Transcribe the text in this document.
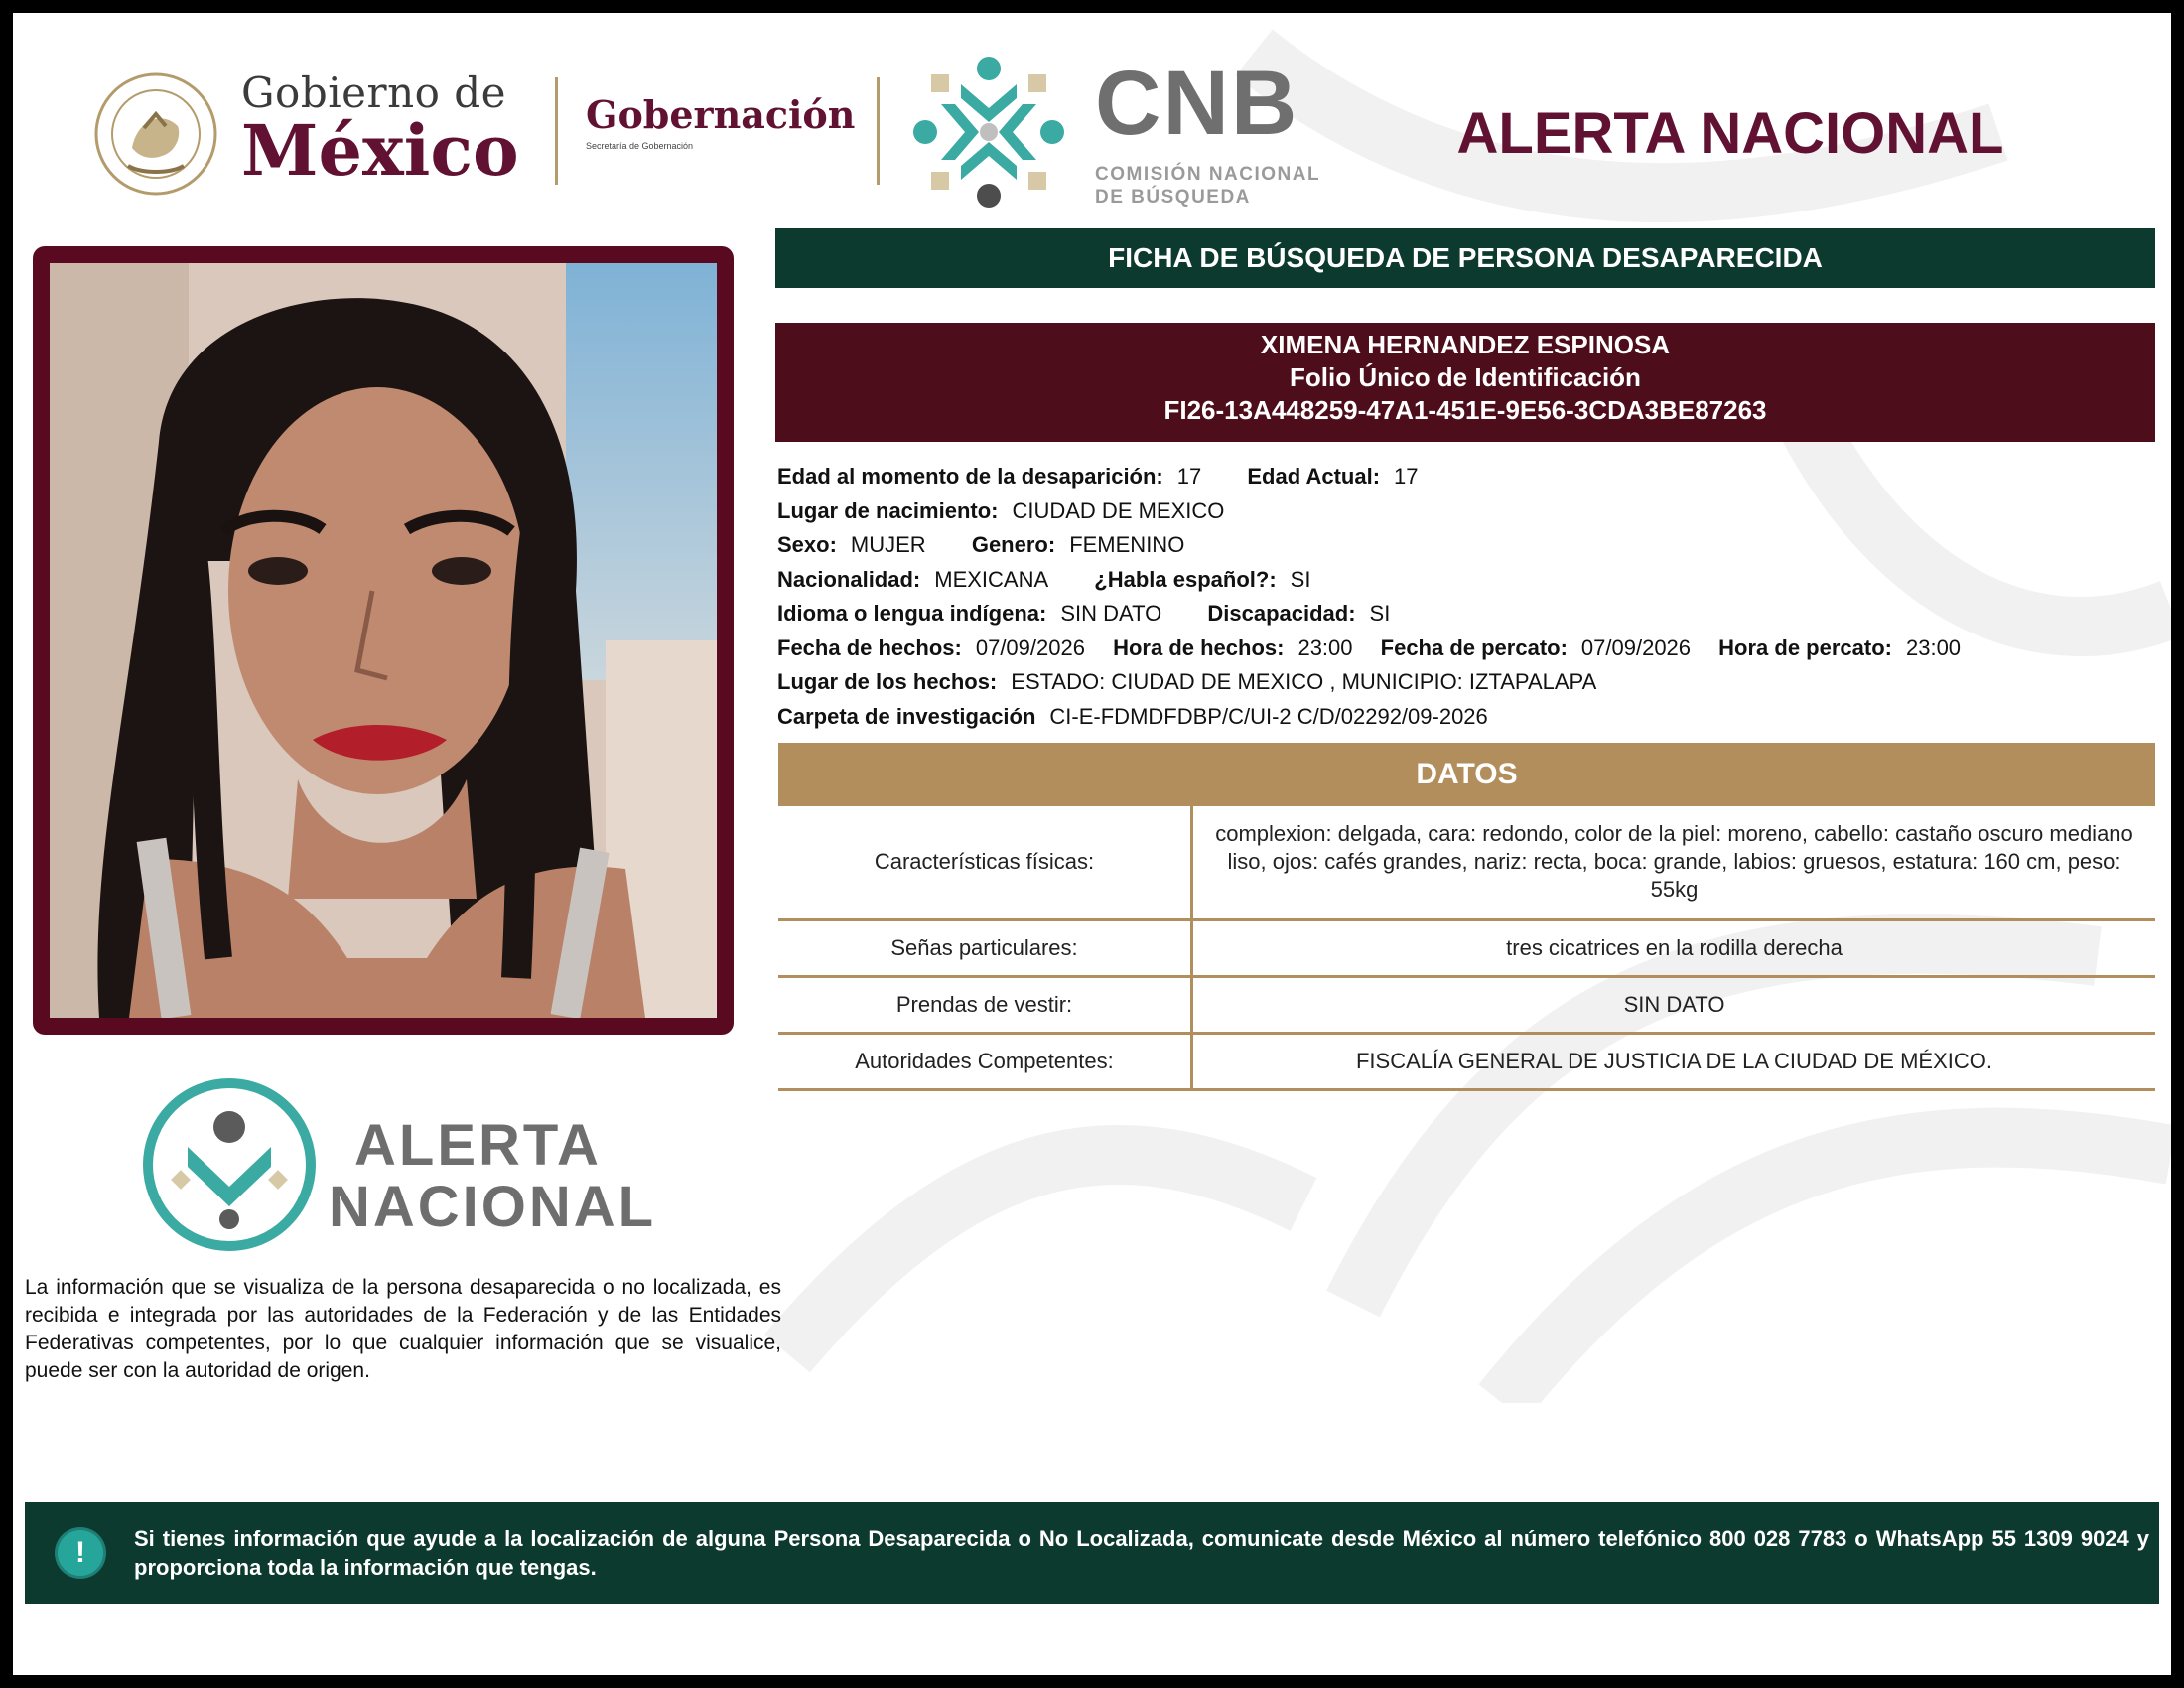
Gobierno de
México Gobernación
Secretaría de Gobernación	CNB
COMISIÓN NACIONAL
DE BÚSQUEDA
ALERTA NACIONAL
ALERTA
NACIONAL
La información que se visualiza de la persona desaparecida o no localizada, es recibida e integrada por las autoridades de la Federación y de las Entidades Federativas competentes, por lo que cualquier información que se visualice, puede ser con la autoridad de origen.
FICHA DE BÚSQUEDA DE PERSONA DESAPARECIDA
XIMENA HERNANDEZ ESPINOSA
Folio Único de Identificación
FI26-13A448259-47A1-451E-9E56-3CDA3BE87263
Edad al momento de la desaparición: 17 Edad Actual: 17
Lugar de nacimiento: CIUDAD DE MEXICO
Sexo: MUJER Genero: FEMENINO
Nacionalidad: MEXICANA ¿Habla español?: SI
Idioma o lengua indígena: SIN DATO Discapacidad: SI
Fecha de hechos: 07/09/2026 Hora de hechos: 23:00 Fecha de percato: 07/09/2026 Hora de percato: 23:00
Lugar de los hechos: ESTADO: CIUDAD DE MEXICO , MUNICIPIO: IZTAPALAPA
Carpeta de investigación CI-E-FDMDFDBP/C/UI-2 C/D/02292/09-2026
DATOS
Características físicas:	complexion: delgada, cara: redondo, color de la piel: moreno, cabello: castaño oscuro mediano liso, ojos: cafés grandes, nariz: recta, boca: grande, labios: gruesos, estatura: 160 cm, peso: 55kg
Señas particulares:	tres cicatrices en la rodilla derecha
Prendas de vestir:	SIN DATO
Autoridades Competentes:	FISCALÍA GENERAL DE JUSTICIA DE LA CIUDAD DE MÉXICO.
!	Si tienes información que ayude a la localización de alguna Persona Desaparecida o No Localizada, comunicate desde México al número telefónico 800 028 7783 o WhatsApp 55 1309 9024 y proporciona toda la información que tengas.
